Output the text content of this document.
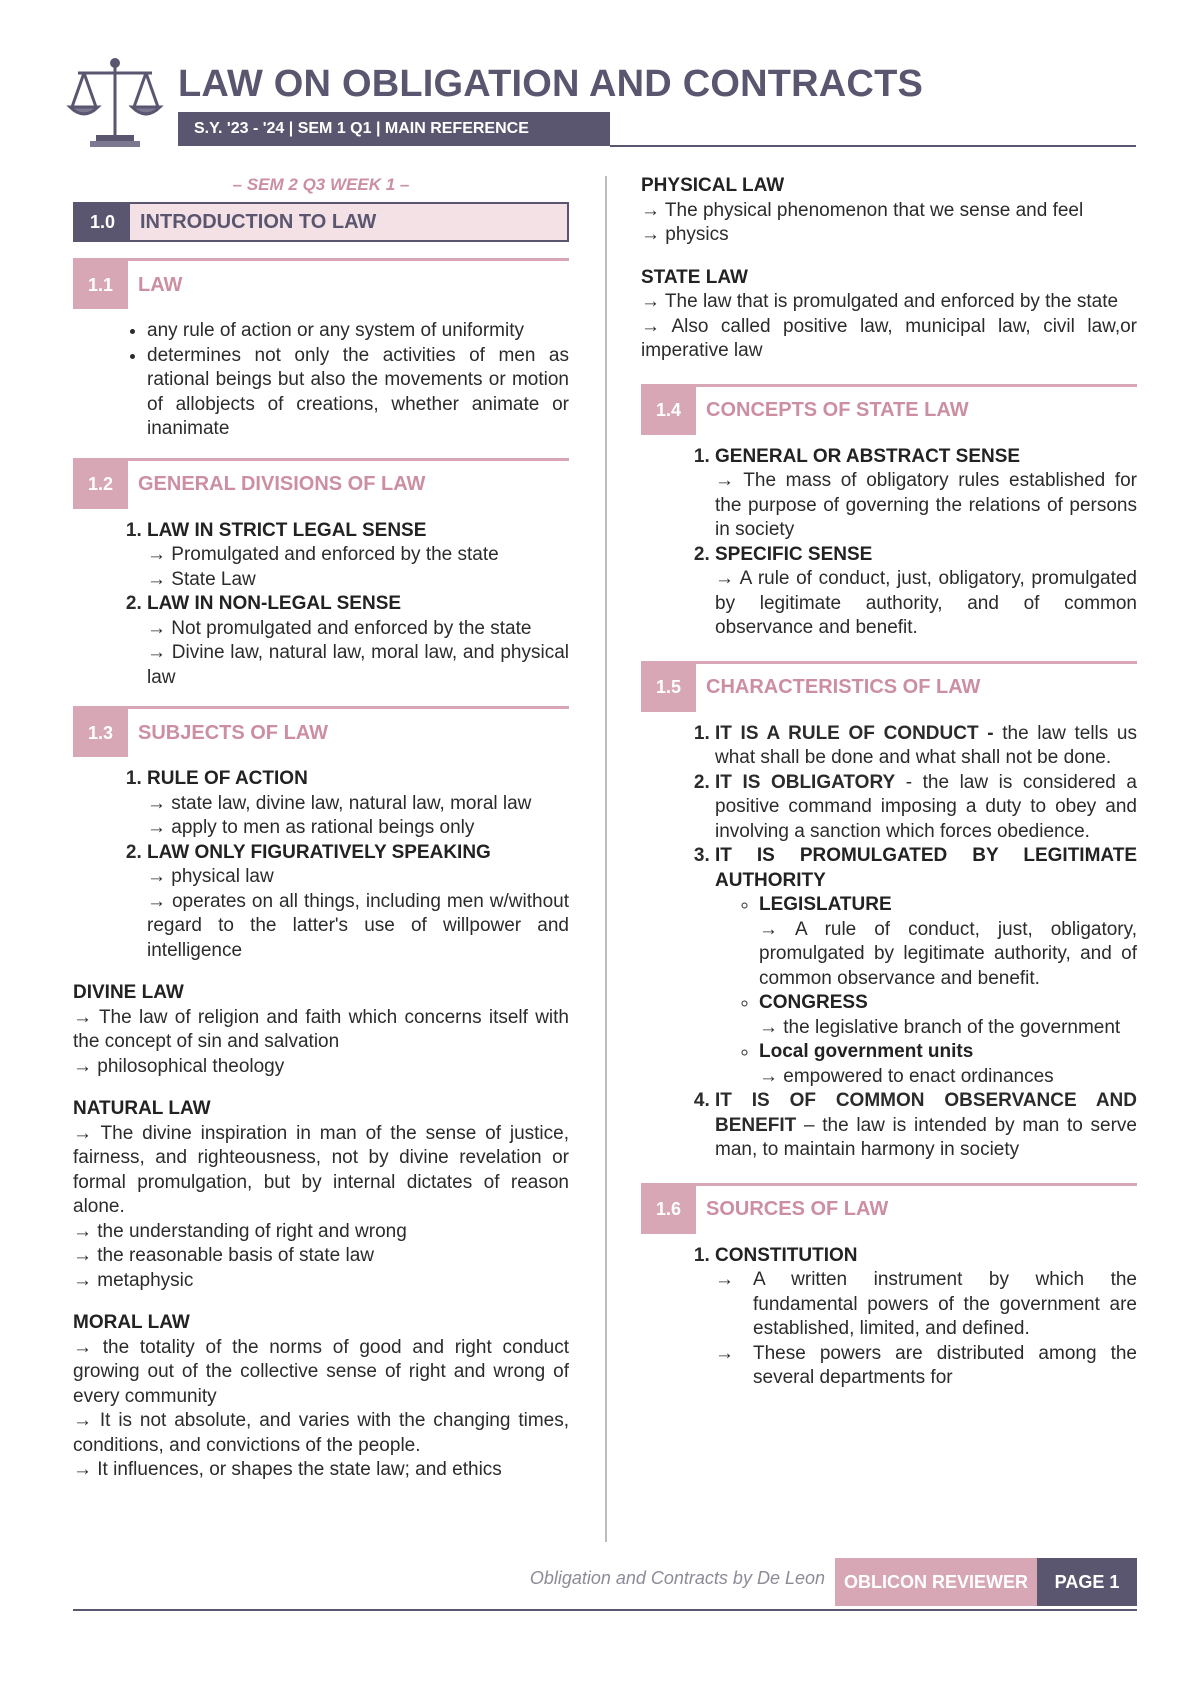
LAW ON OBLIGATION AND CONTRACTS
S.Y. '23 - '24 | SEM 1 Q1 | MAIN REFERENCE
– SEM 2 Q3 WEEK 1 –
1.0	INTRODUCTION TO LAW
1.1	LAW
• any rule of action or any system of uniformity
• determines not only the activities of men as rational beings but also the movements or motion of allobjects of creations, whether animate or inanimate
1.2	GENERAL DIVISIONS OF LAW
1. LAW IN STRICT LEGAL SENSE
→ Promulgated and enforced by the state
→ State Law
2. LAW IN NON-LEGAL SENSE
→ Not promulgated and enforced by the state
→ Divine law, natural law, moral law, and physical law
1.3	SUBJECTS OF LAW
1. RULE OF ACTION
→ state law, divine law, natural law, moral law
→ apply to men as rational beings only
2. LAW ONLY FIGURATIVELY SPEAKING
→ physical law
→ operates on all things, including men w/without regard to the latter's use of willpower and intelligence
DIVINE LAW
→ The law of religion and faith which concerns itself with the concept of sin and salvation
→ philosophical theology
NATURAL LAW
→ The divine inspiration in man of the sense of justice, fairness, and righteousness, not by divine revelation or formal promulgation, but by internal dictates of reason alone.
→ the understanding of right and wrong
→ the reasonable basis of state law
→ metaphysic
MORAL LAW
→ the totality of the norms of good and right conduct growing out of the collective sense of right and wrong of every community
→ It is not absolute, and varies with the changing times, conditions, and convictions of the people.
→ It influences, or shapes the state law; and ethics
PHYSICAL LAW
→ The physical phenomenon that we sense and feel
→ physics
STATE LAW
→ The law that is promulgated and enforced by the state
→ Also called positive law, municipal law, civil law,or imperative law
1.4	CONCEPTS OF STATE LAW
1. GENERAL OR ABSTRACT SENSE
→ The mass of obligatory rules established for the purpose of governing the relations of persons in society
2. SPECIFIC SENSE
→ A rule of conduct, just, obligatory, promulgated by legitimate authority, and of common observance and benefit.
1.5	CHARACTERISTICS OF LAW
1. IT IS A RULE OF CONDUCT - the law tells us what shall be done and what shall not be done.
2. IT IS OBLIGATORY - the law is considered a positive command imposing a duty to obey and involving a sanction which forces obedience.
3. IT IS PROMULGATED BY LEGITIMATE AUTHORITY
◦ LEGISLATURE
→ A rule of conduct, just, obligatory, promulgated by legitimate authority, and of common observance and benefit.
◦ CONGRESS
→ the legislative branch of the government
◦ Local government units
→ empowered to enact ordinances
4. IT IS OF COMMON OBSERVANCE AND BENEFIT – the law is intended by man to serve man, to maintain harmony in society
1.6	SOURCES OF LAW
1. CONSTITUTION
→	A written instrument by which the fundamental powers of the government are established, limited, and defined.
→	These powers are distributed among the several departments for
Obligation and Contracts by De Leon	OBLICON REVIEWER	PAGE 1
